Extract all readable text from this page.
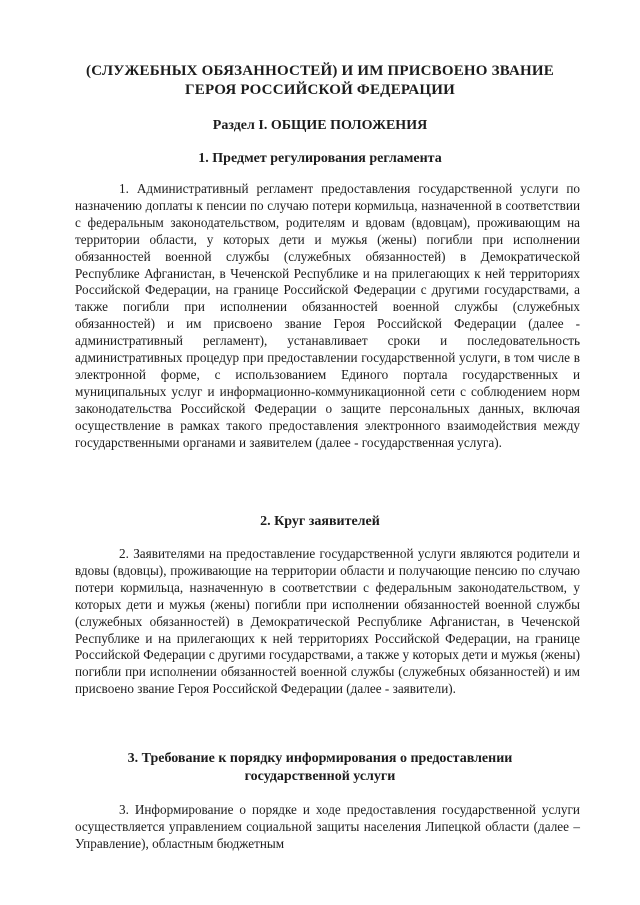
(СЛУЖЕБНЫХ ОБЯЗАННОСТЕЙ) И ИМ ПРИСВОЕНО ЗВАНИЕ ГЕРОЯ РОССИЙСКОЙ ФЕДЕРАЦИИ
Раздел I. ОБЩИЕ ПОЛОЖЕНИЯ
1. Предмет регулирования регламента

1. Административный регламент предоставления государственной услуги по назначению доплаты к пенсии по случаю потери кормильца, назначенной в соответствии с федеральным законодательством, родителям и вдовам (вдовцам), проживающим на территории области, у которых дети и мужья (жены) погибли при исполнении обязанностей военной службы (служебных обязанностей) в Демократической Республике Афганистан, в Чеченской Республике и на прилегающих к ней территориях Российской Федерации, на границе Российской Федерации с другими государствами, а также погибли при исполнении обязанностей военной службы (служебных обязанностей) и им присвоено звание Героя Российской Федерации (далее - административный регламент), устанавливает сроки и последовательность административных процедур при предоставлении государственной услуги, в том числе в электронной форме, с использованием Единого портала государственных и муниципальных услуг и информационно-коммуникационной сети с соблюдением норм законодательства Российской Федерации о защите персональных данных, включая осуществление в рамках такого предоставления электронного взаимодействия между государственными органами и заявителем (далее - государственная услуга).

2. Круг заявителей

2. Заявителями на предоставление государственной услуги являются родители и вдовы (вдовцы), проживающие на территории области и получающие пенсию по случаю потери кормильца, назначенную в соответствии с федеральным законодательством, у которых дети и мужья (жены) погибли при исполнении обязанностей военной службы (служебных обязанностей) в Демократической Республике Афганистан, в Чеченской Республике и на прилегающих к ней территориях Российской Федерации, на границе Российской Федерации с другими государствами, а также у которых дети и мужья (жены) погибли при исполнении обязанностей военной службы (служебных обязанностей) и им присвоено звание Героя Российской Федерации (далее - заявители).

3. Требование к порядку информирования о предоставлении
государственной услуги

3. Информирование о порядке и ходе предоставления государственной услуги осуществляется управлением социальной защиты населения Липецкой области (далее – Управление), областным бюджетным
